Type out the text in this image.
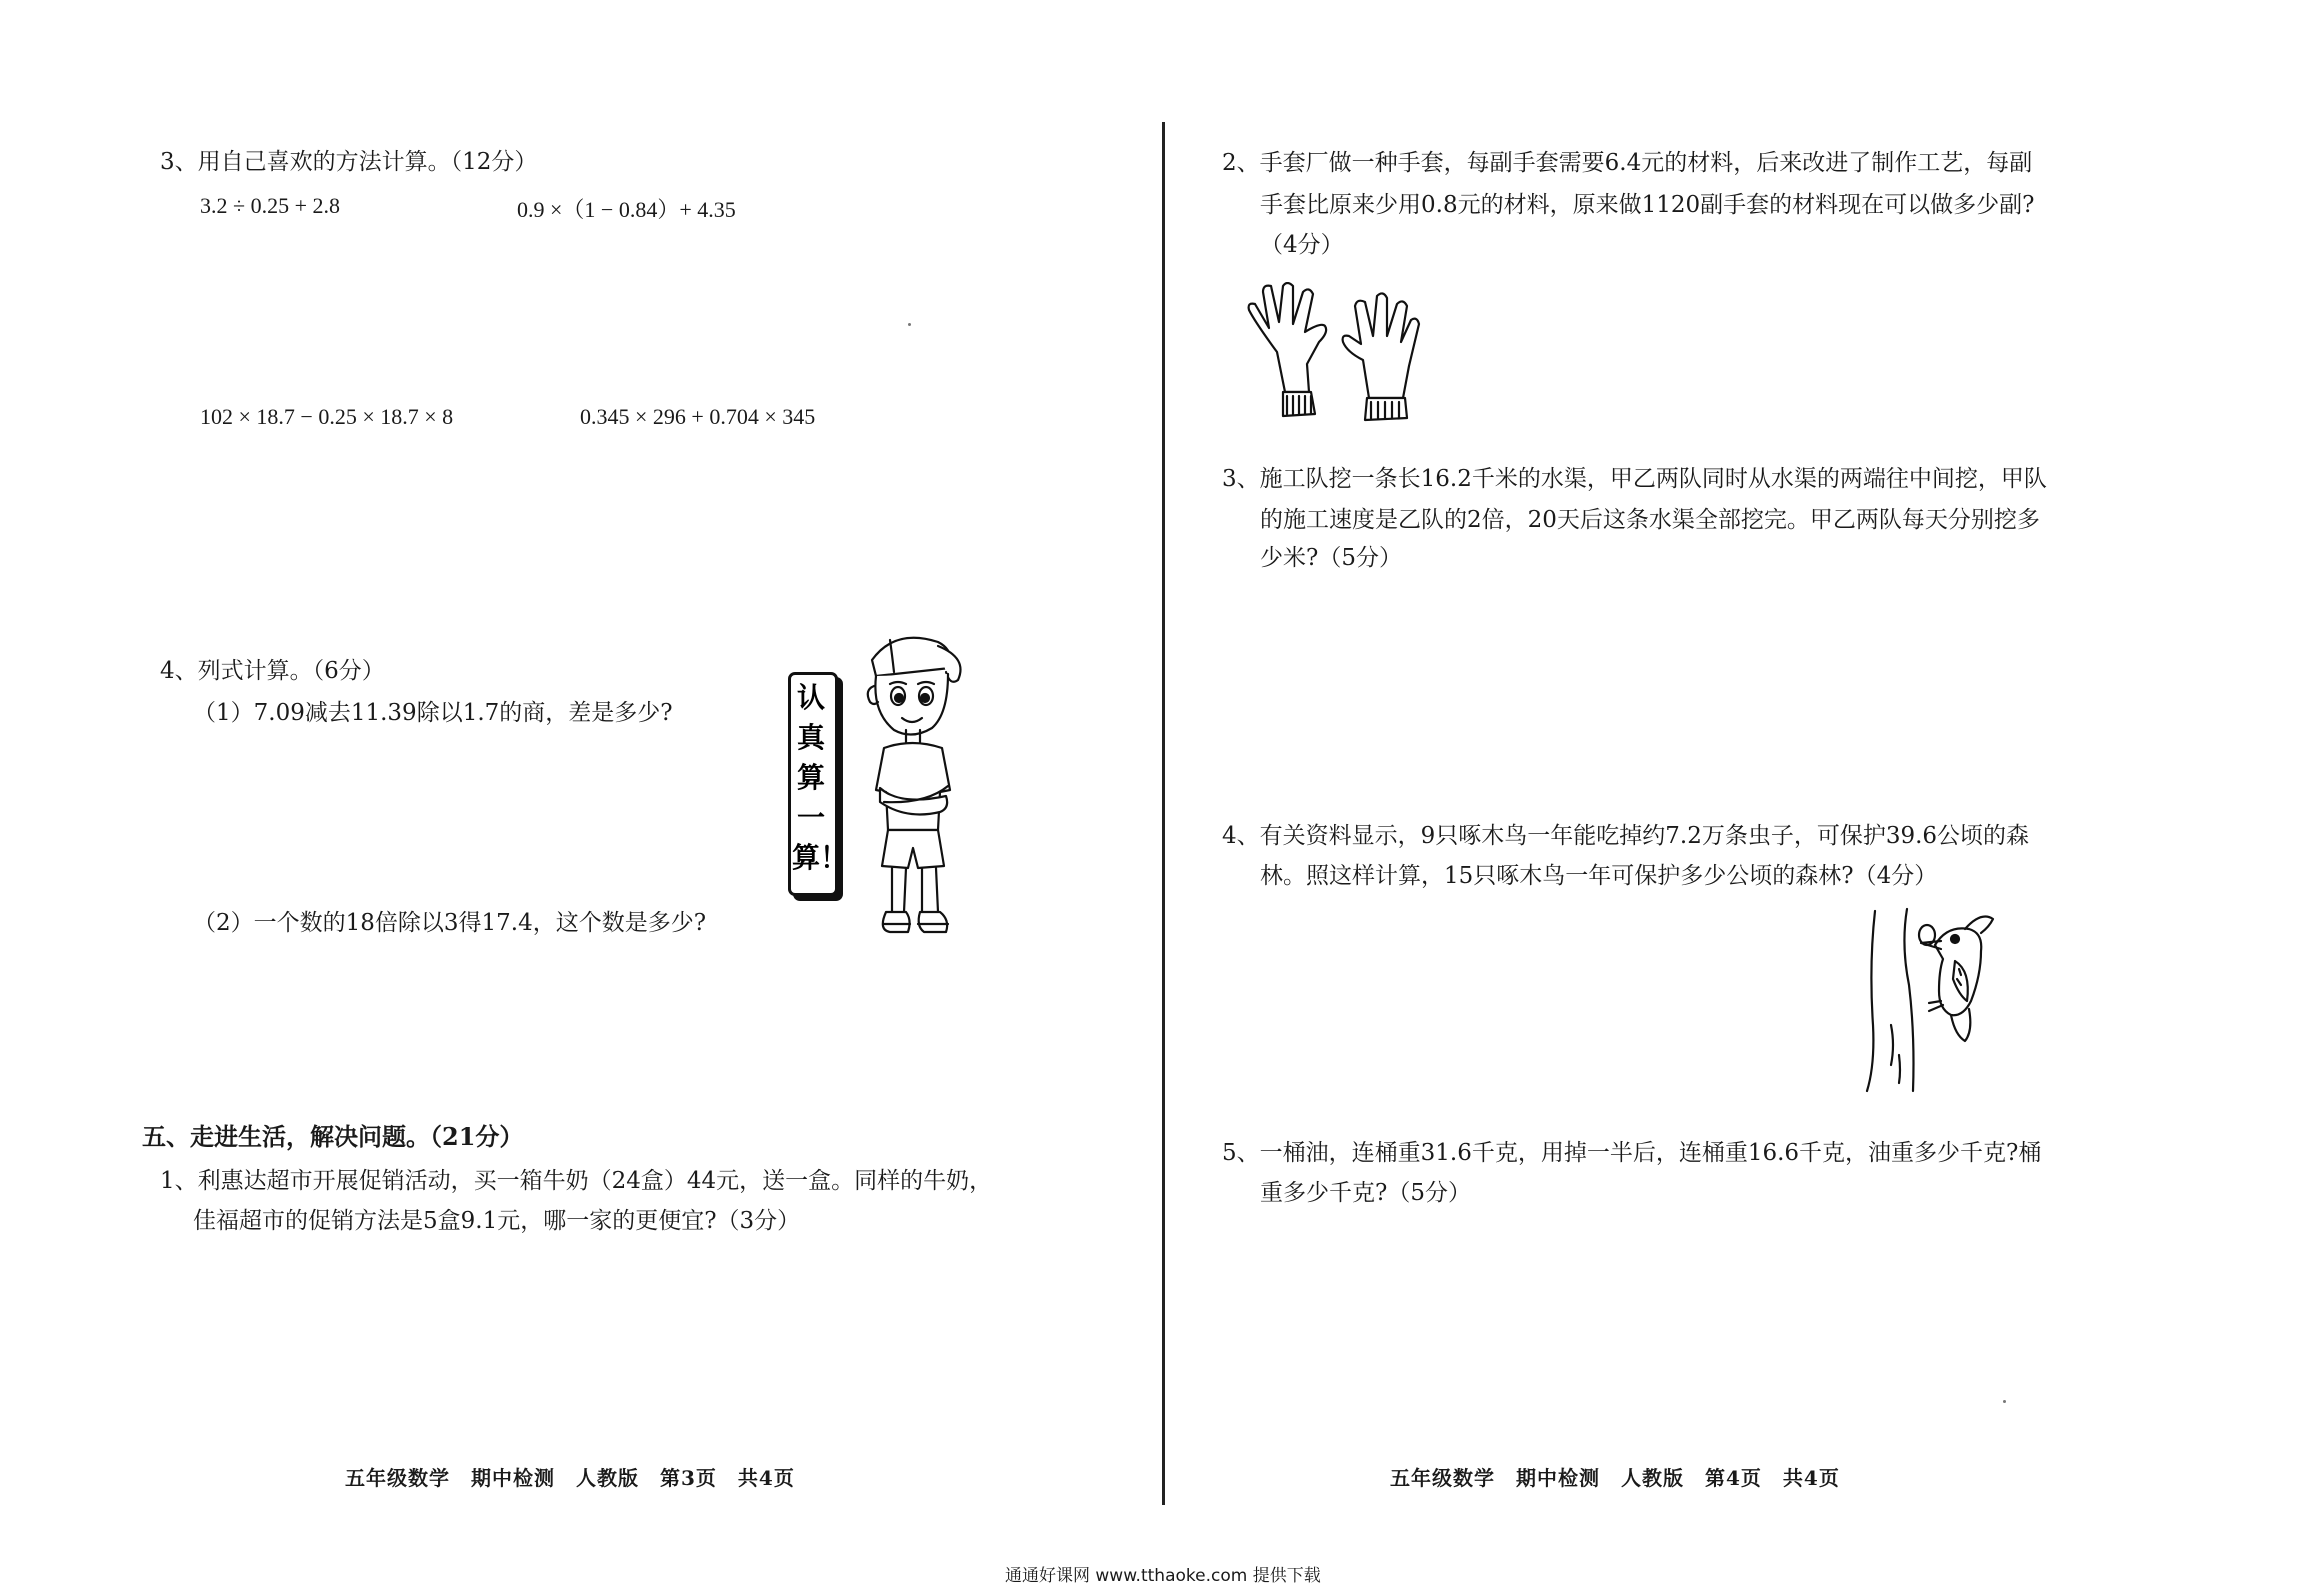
3、用自己喜欢的方法计算。（12分）
3.2 ÷ 0.25 + 2.8	0.9 ×（1 − 0.84）+ 4.35
102 × 18.7 − 0.25 × 18.7 × 8	0.345 × 296 + 0.704 × 345
4、列式计算。（6分）
（1）7.09减去11.39除以1.7的商，差是多少?
（2）一个数的18倍除以3得17.4，这个数是多少?
认真算一算！
五、走进生活，解决问题。（21分）
1、利惠达超市开展促销活动，买一箱牛奶（24盒）44元，送一盒。同样的牛奶，
佳福超市的促销方法是5盒9.1元，哪一家的更便宜?（3分）
五年级数学　期中检测　人教版　第3页　共4页
2、手套厂做一种手套，每副手套需要6.4元的材料，后来改进了制作工艺，每副
手套比原来少用0.8元的材料，原来做1120副手套的材料现在可以做多少副?
（4分）
3、施工队挖一条长16.2千米的水渠，甲乙两队同时从水渠的两端往中间挖，甲队
的施工速度是乙队的2倍，20天后这条水渠全部挖完。甲乙两队每天分别挖多
少米?（5分）
4、有关资料显示，9只啄木鸟一年能吃掉约7.2万条虫子，可保护39.6公顷的森
林。照这样计算，15只啄木鸟一年可保护多少公顷的森林?（4分）
5、一桶油，连桶重31.6千克，用掉一半后，连桶重16.6千克，油重多少千克?桶
重多少千克?（5分）
五年级数学　期中检测　人教版　第4页　共4页
通通好课网 www.tthaoke.com 提供下载
